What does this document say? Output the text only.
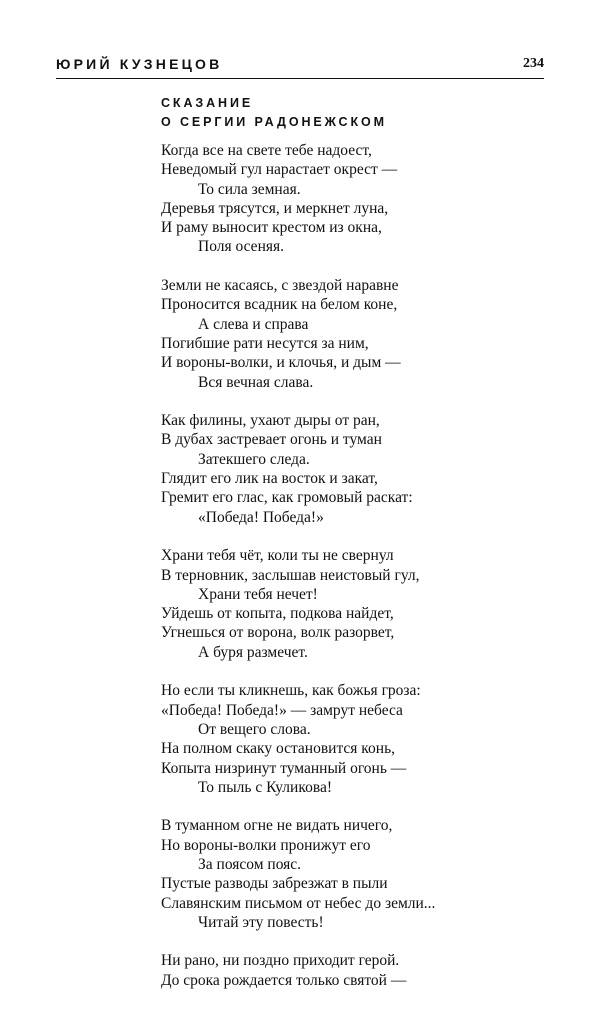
ЮРИЙ КУЗНЕЦОВ	234
СКАЗАНИЕ
О СЕРГИИ РАДОНЕЖСКОМ
Когда все на свете тебе надоест,
Неведомый гул нарастает окрест —
То сила земная.
Деревья трясутся, и меркнет луна,
И раму выносит крестом из окна,
Поля осеняя.
Земли не касаясь, с звездой наравне
Проносится всадник на белом коне,
А слева и справа
Погибшие рати несутся за ним,
И вороны-волки, и клочья, и дым —
Вся вечная слава.
Как филины, ухают дыры от ран,
В дубах застревает огонь и туман
Затекшего следа.
Глядит его лик на восток и закат,
Гремит его глас, как громовый раскат:
«Победа! Победа!»
Храни тебя чёт, коли ты не свернул
В терновник, заслышав неистовый гул,
Храни тебя нечет!
Уйдешь от копыта, подкова найдет,
Угнешься от ворона, волк разорвет,
А буря размечет.
Но если ты кликнешь, как божья гроза:
«Победа! Победа!» — замрут небеса
От вещего слова.
На полном скаку остановится конь,
Копыта низринут туманный огонь —
То пыль с Куликова!
В туманном огне не видать ничего,
Но вороны-волки пронижут его
За поясом пояс.
Пустые разводы забрезжат в пыли
Славянским письмом от небес до земли...
Читай эту повесть!
Ни рано, ни поздно приходит герой.
До срока рождается только святой —
